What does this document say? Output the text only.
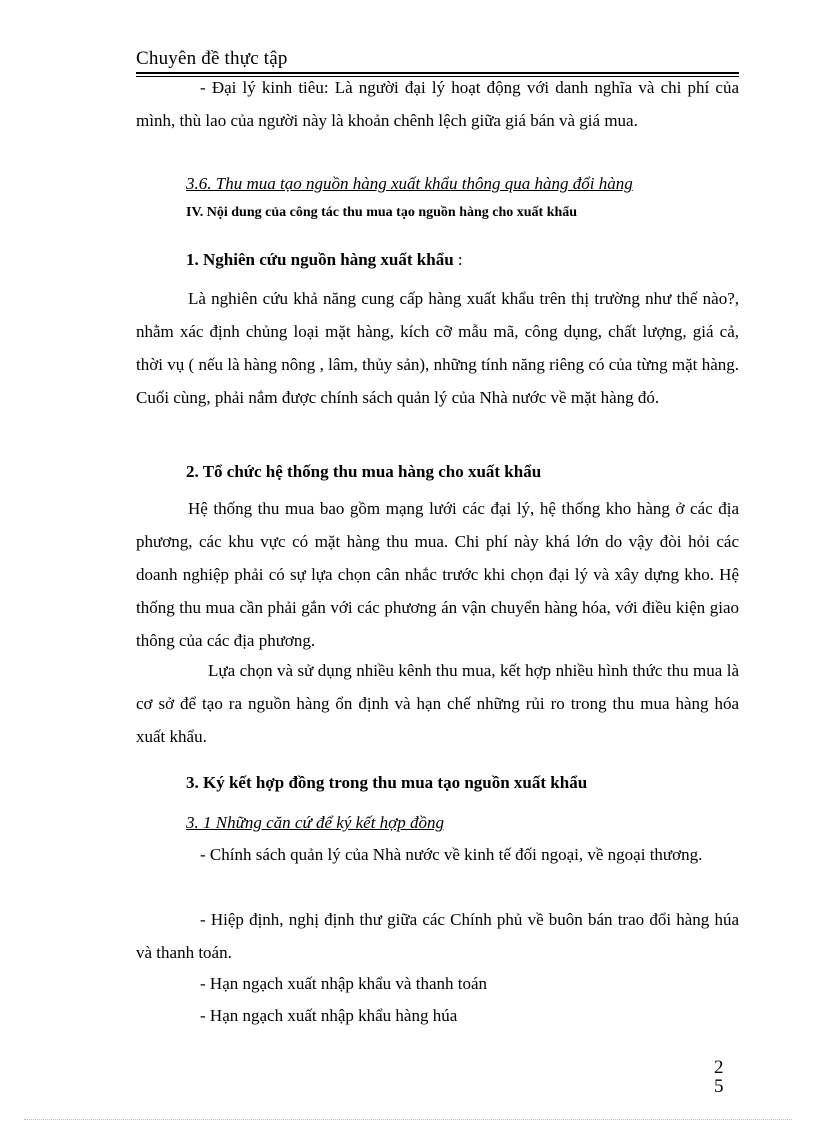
Chuyên đề thực tập

- Đại lý kinh tiêu: Là người đại lý hoạt động với danh nghĩa và chi phí của mình, thù lao của người này là khoản chênh lệch giữa giá bán và giá mua.

3.6. Thu mua tạo nguồn hàng xuất khẩu thông qua hàng đổi hàng

IV. Nội dung của công tác thu mua tạo nguồn hàng cho xuất khẩu

1. Nghiên cứu nguồn hàng xuất khẩu :

Là nghiên cứu khả năng cung cấp hàng xuất khẩu trên thị trường như thế nào?, nhằm xác định chủng loại mặt hàng, kích cỡ mẫu mã, công dụng, chất lượng, giá cả, thời vụ ( nếu là hàng nông , lâm, thủy sản), những tính năng riêng có của từng mặt hàng. Cuối cùng, phải nắm được chính sách quản lý của Nhà nước về mặt hàng đó.

2. Tổ chức hệ thống thu mua hàng cho xuất khẩu

Hệ thống thu mua bao gồm mạng lưới các đại lý, hệ thống kho hàng ở các địa phương, các khu vực có mặt hàng thu mua. Chi phí này khá lớn do vậy đòi hỏi các doanh nghiệp phải có sự lựa chọn cân nhắc trước khi chọn đại lý và xây dựng kho. Hệ thống thu mua cần phải gắn với các phương án vận chuyển hàng hóa, với điều kiện giao thông của các địa phương.

Lựa chọn và sử dụng nhiều kênh thu mua, kết hợp nhiều hình thức thu mua là cơ sở để tạo ra nguồn hàng ổn định và hạn chế những rủi ro trong thu mua hàng hóa xuất khẩu.

3. Ký kết hợp đồng trong thu mua tạo nguồn xuất khẩu

3. 1 Những căn cứ để ký kết hợp đồng

- Chính sách quản lý của Nhà nước về kinh tế đối ngoại, về ngoại thương.

- Hiệp định, nghị định thư giữa các Chính phủ về buôn bán trao đổi hàng húa và thanh toán.

- Hạn ngạch xuất nhập khẩu và thanh toán

- Hạn ngạch xuất nhập khẩu hàng húa

2
5
